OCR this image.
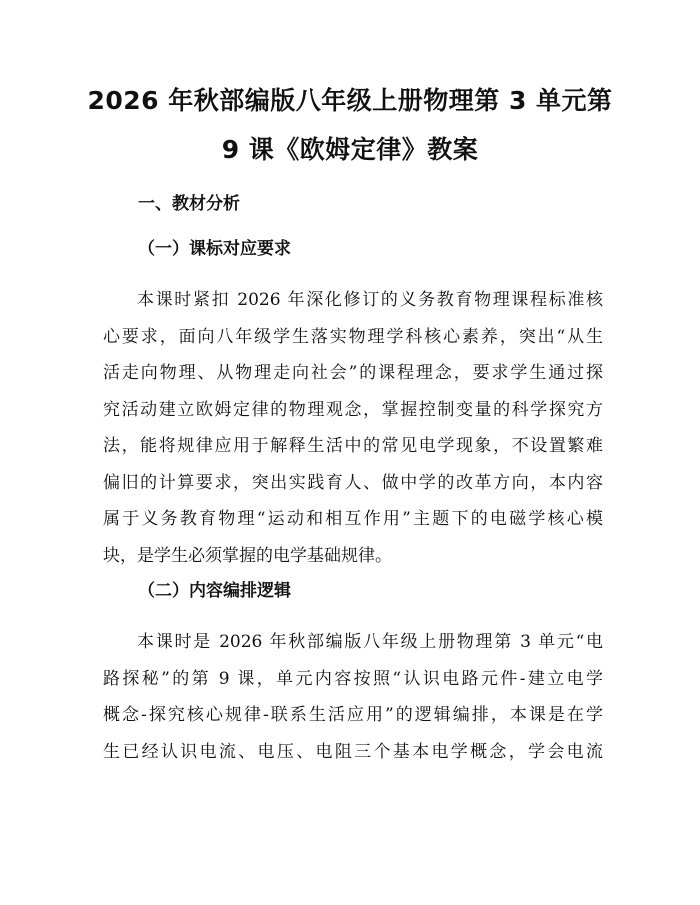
2026 年秋部编版八年级上册物理第 3 单元第
9 课《欧姆定律》教案
一、教材分析
（一）课标对应要求
本课时紧扣 2026 年深化修订的义务教育物理课程标准核
心要求，面向八年级学生落实物理学科核心素养，突出“从生
活走向物理、从物理走向社会”的课程理念，要求学生通过探
究活动建立欧姆定律的物理观念，掌握控制变量的科学探究方
法，能将规律应用于解释生活中的常见电学现象，不设置繁难
偏旧的计算要求，突出实践育人、做中学的改革方向，本内容
属于义务教育物理“运动和相互作用”主题下的电磁学核心模
块，是学生必须掌握的电学基础规律。
（二）内容编排逻辑
本课时是 2026 年秋部编版八年级上册物理第 3 单元“电
路探秘”的第 9 课，单元内容按照“认识电路元件-建立电学
概念-探究核心规律-联系生活应用”的逻辑编排，本课是在学
生已经认识电流、电压、电阻三个基本电学概念，学会电流
